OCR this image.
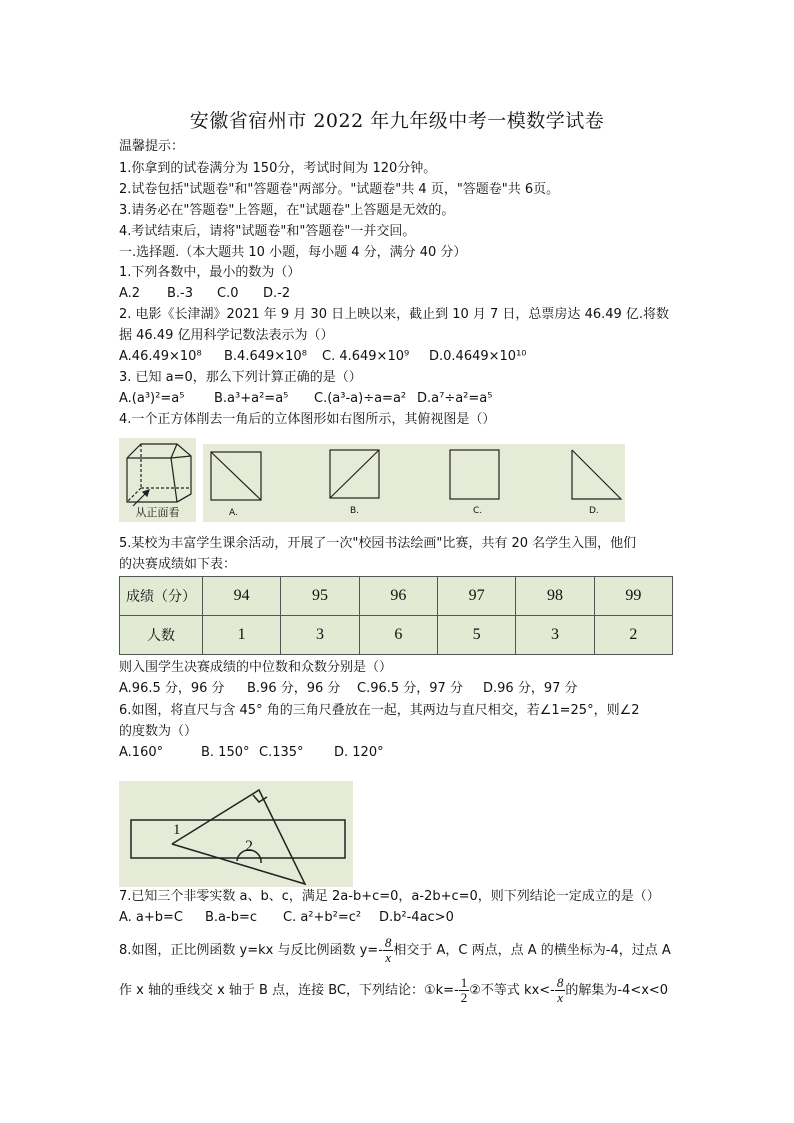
安徽省宿州市 2022 年九年级中考一模数学试卷
温馨提示：
1.你拿到的试卷满分为 150分，考试时间为 120分钟。
2.试卷包括"试题卷"和"答题卷"两部分。"试题卷"共 4 页，"答题卷"共 6页。
3.请务必在"答题卷"上答题，在"试题卷"上答题是无效的。
4.考试结束后，请将"试题卷"和"答题卷"一并交回。
一.选择题.（本大题共 10 小题，每小题 4 分，满分 40 分）
1.下列各数中，最小的数为（）
A.2 B.-3 C.0 D.-2
2. 电影《长津湖》2021 年 9 月 30 日上映以来，截止到 10 月 7 日，总票房达 46.49 亿.将数
据 46.49 亿用科学记数法表示为（）
A.46.49×10⁸ B.4.649×10⁸ C. 4.649×10⁹ D.0.4649×10¹⁰
3. 已知 a=0，那么下列计算正确的是（）
A.(a³)²=a⁵ B.a³+a²=a⁵ C.(a³-a)÷a=a² D.a⁷÷a²=a⁵
4.一个正方体削去一角后的立体图形如右图所示，其俯视图是（）
从正面看	A.	B.	C.	D.
5.某校为丰富学生课余活动，开展了一次"校园书法绘画"比赛，共有 20 名学生入围，他们
的决赛成绩如下表：
成绩（分）	94	95	96	97	98	99
人数	1	3	6	5	3	2
则入围学生决赛成绩的中位数和众数分别是（）
A.96.5 分，96 分 B.96 分，96 分 C.96.5 分，97 分 D.96 分，97 分
6.如图，将直尺与含 45° 角的三角尺叠放在一起，其两边与直尺相交，若∠1=25°，则∠2
的度数为（）
A.160°	B. 150° C.135° D. 120°
1
2
7.已知三个非零实数 a、b、c，满足 2a-b+c=0，a-2b+c=0，则下列结论一定成立的是（）
A. a+b=C B.a-b=c C. a²+b²=c² D.b²-4ac>0
8.如图，正比例函数 y=kx 与反比例函数 $y=- \frac{8}{x}$ 相交于 A，C 两点，点 A 的横坐标为-4，过点 A
作 x 轴的垂线交 x 轴于 B 点，连接 BC，下列结论：①k=- $\frac{1}{2}$ ②不等式 $kx<- \frac{8}{x}$ 的解集为-4<x<0
